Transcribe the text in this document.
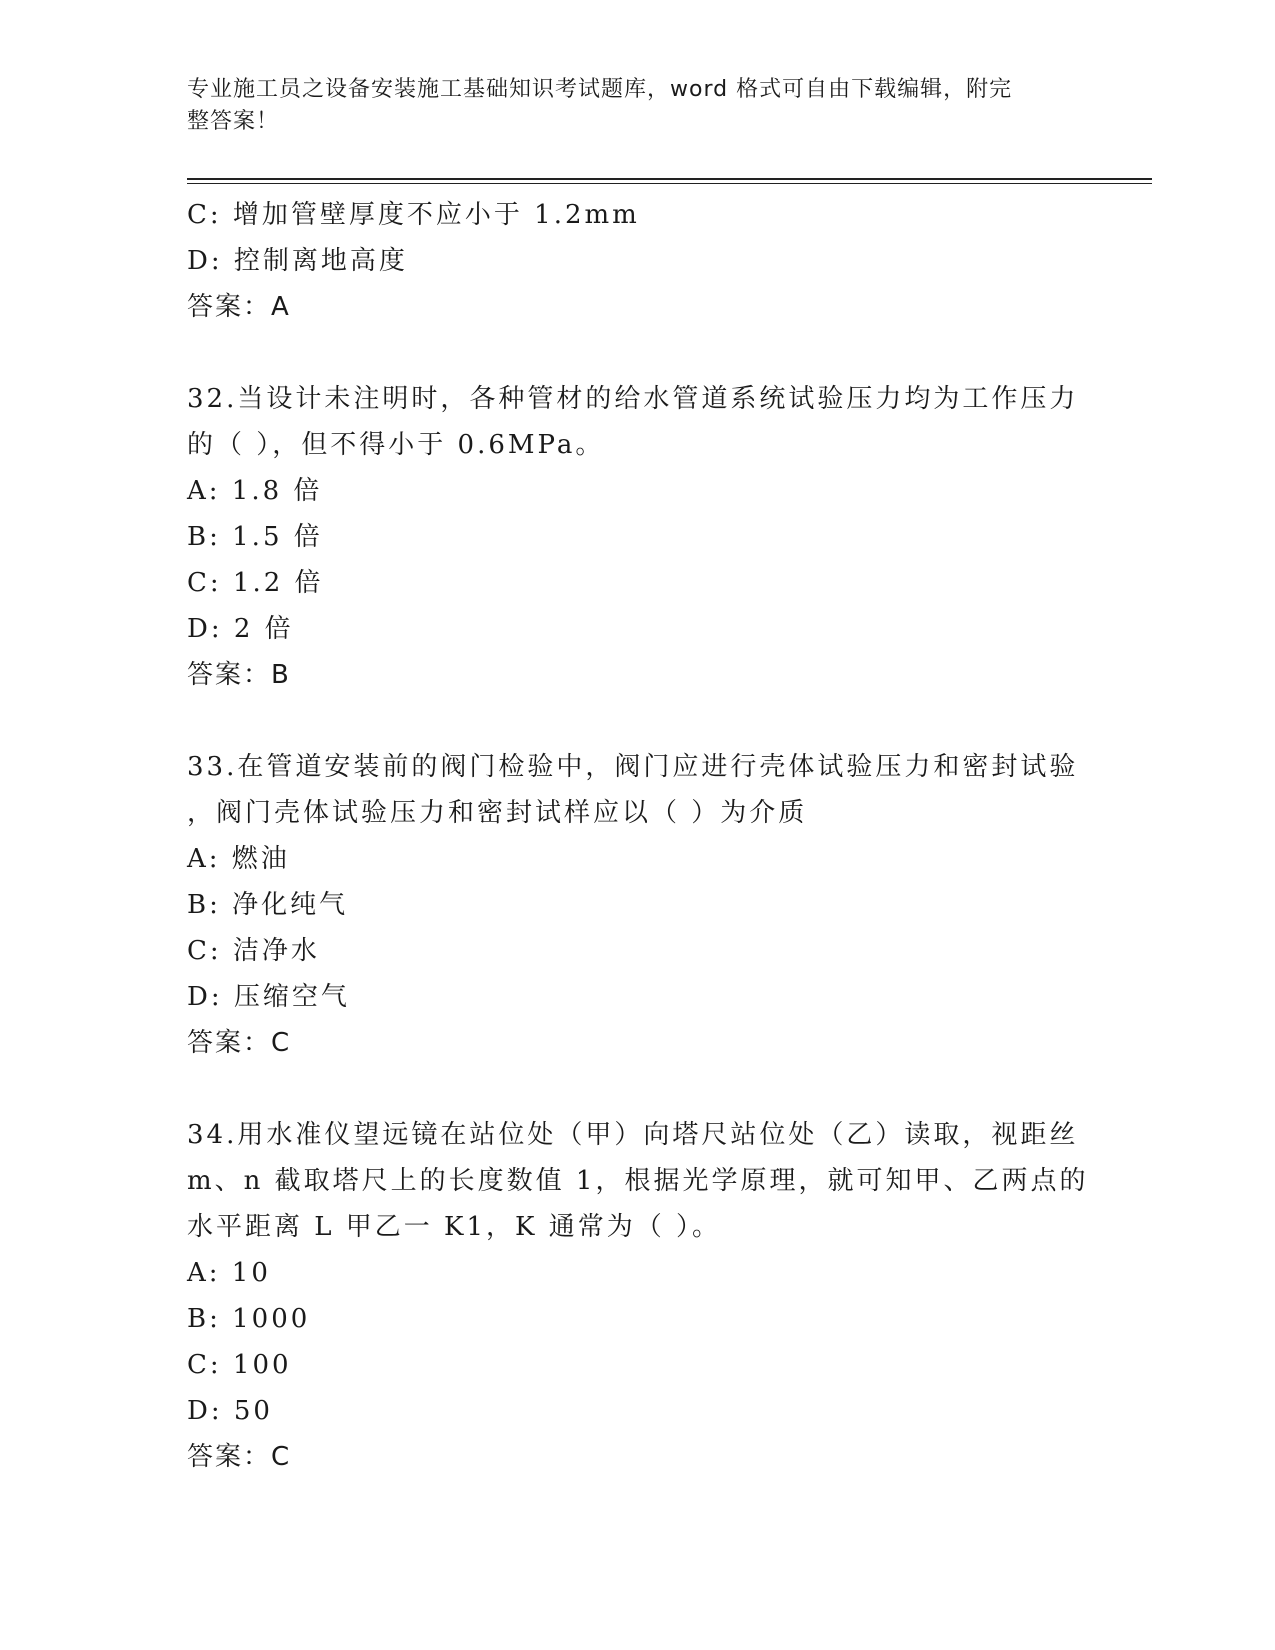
专业施工员之设备安装施工基础知识考试题库，word 格式可自由下载编辑，附完
整答案！
C: 增加管壁厚度不应小于 1.2mm
D: 控制离地高度
答案：A
32.当设计未注明时，各种管材的给水管道系统试验压力均为工作压力
的（ ），但不得小于 0.6MPa。
A: 1.8 倍
B: 1.5 倍
C: 1.2 倍
D: 2 倍
答案：B
33.在管道安装前的阀门检验中，阀门应进行壳体试验压力和密封试验
，阀门壳体试验压力和密封试样应以（ ）为介质
A: 燃油
B: 净化纯气
C: 洁净水
D: 压缩空气
答案：C
34.用水准仪望远镜在站位处（甲）向塔尺站位处（乙）读取，视距丝
m、n 截取塔尺上的长度数值 1，根据光学原理，就可知甲、乙两点的
水平距离 L 甲乙一 K1，K 通常为（ ）。
A: 10
B: 1000
C: 100
D: 50
答案：C
